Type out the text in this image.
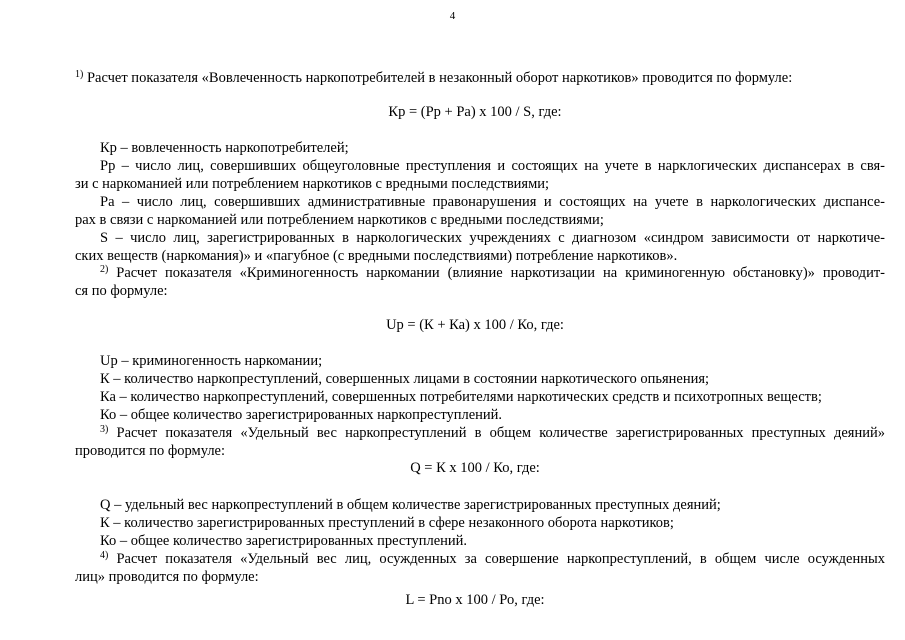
4
$^{1)}$ Расчет показателя «Вовлеченность наркопотребителей в незаконный оборот наркотиков» проводится по формуле:
Кр = (Рр + Ра) х 100 / S, где:
Кр – вовлеченность наркопотребителей;
Рр – число лиц, совершивших общеуголовные преступления и состоящих на учете в нарклогических диспансерах в свя-
зи с наркоманией или потреблением наркотиков с вредными последствиями;
Ра – число лиц, совершивших административные правонарушения и состоящих на учете в наркологических диспансе-
рах в связи с наркоманией или потреблением наркотиков с вредными последствиями;
S – число лиц, зарегистрированных в наркологических учреждениях с диагнозом «синдром зависимости от наркотиче-
ских веществ (наркомания)» и «пагубное (с вредными последствиями) потребление наркотиков».
$^{2)}$ Расчет показателя «Криминогенность наркомании (влияние наркотизации на криминогенную обстановку)» проводит-
ся по формуле:
Uр = (К + Ка) х 100 / Ко, где:
Uр – криминогенность наркомании;
К – количество наркопреступлений, совершенных лицами в состоянии наркотического опьянения;
Ка – количество наркопреступлений, совершенных потребителями наркотических средств и психотропных веществ;
Ко – общее количество зарегистрированных наркопреступлений.
$^{3)}$ Расчет показателя «Удельный вес наркопреступлений в общем количестве зарегистрированных преступных деяний»
проводится по формуле:
Q = К х 100 / Ко, где:
Q – удельный вес наркопреступлений в общем количестве зарегистрированных преступных деяний;
К – количество зарегистрированных преступлений в сфере незаконного оборота наркотиков;
Ко – общее количество зарегистрированных преступлений.
$^{4)}$ Расчет показателя «Удельный вес лиц, осужденных за совершение наркопреступлений, в общем числе осужденных
лиц» проводится по формуле:
L = Рno х 100 / Ро, где:
